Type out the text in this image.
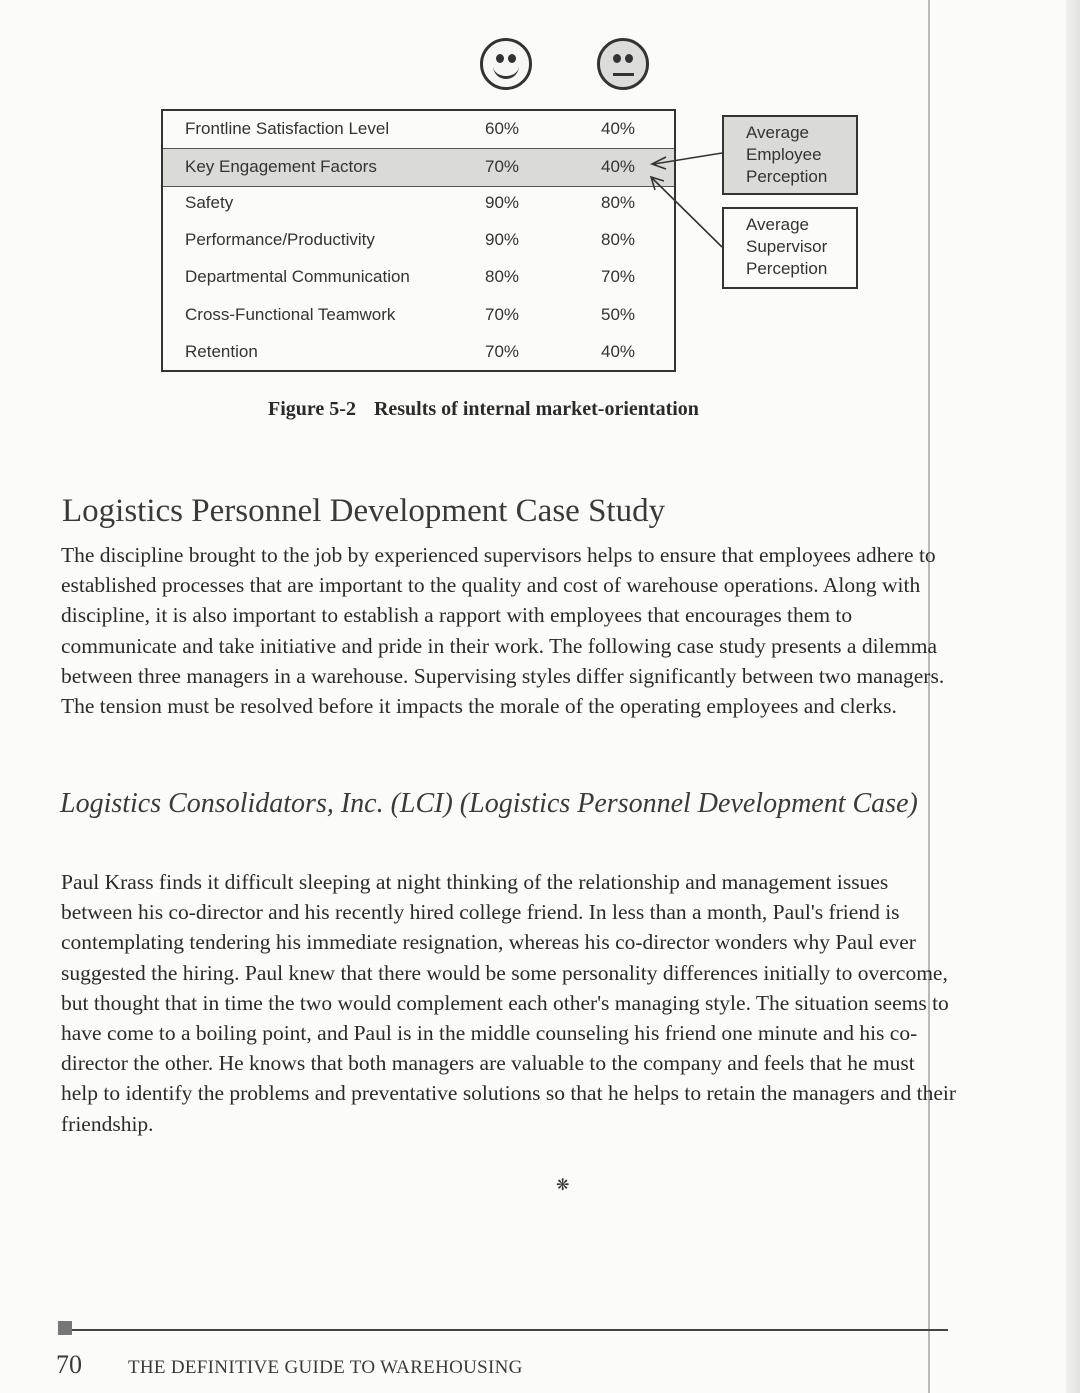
Frontline Satisfaction Level	60%	40%
Key Engagement Factors	70%	40%
Safety	90%	80%
Performance/Productivity	90%	80%
Departmental Communication	80%	70%
Cross-Functional Teamwork	70%	50%
Retention	70%	40%
Average
Employee
Perception
Average
Supervisor
Perception
Figure 5-2 Results of internal market-orientation
Logistics Personnel Development Case Study

The discipline brought to the job by experienced supervisors helps to ensure that employees adhere to established processes that are important to the quality and cost of warehouse operations. Along with discipline, it is also important to establish a rapport with employees that encourages them to communicate and take initiative and pride in their work. The following case study presents a dilemma between three managers in a warehouse. Supervising styles differ significantly between two managers. The tension must be resolved before it impacts the morale of the operating employees and clerks.

Logistics Consolidators, Inc. (LCI) (Logistics Personnel Development Case)

Paul Krass finds it difficult sleeping at night thinking of the relationship and management issues between his co-director and his recently hired college friend. In less than a month, Paul's friend is contemplating tendering his immediate resignation, whereas his co-director wonders why Paul ever suggested the hiring. Paul knew that there would be some personality differences initially to overcome, but thought that in time the two would complement each other's managing style. The situation seems to have come to a boiling point, and Paul is in the middle counseling his friend one minute and his co-director the other. He knows that both managers are valuable to the company and feels that he must help to identify the problems and preventative solutions so that he helps to retain the managers and their friendship.

❋
70 THE DEFINITIVE GUIDE TO WAREHOUSING
